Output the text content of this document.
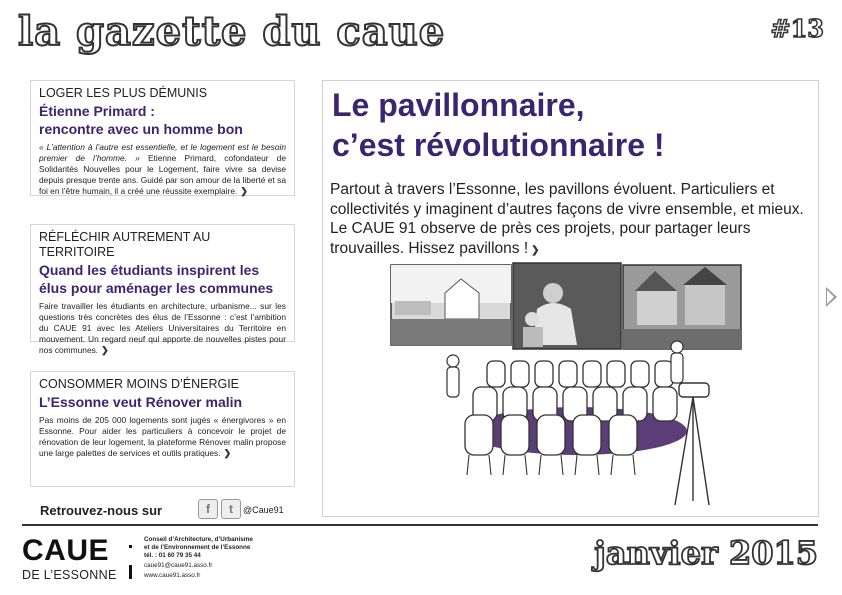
la gazette du caue	#13
LOGER LES PLUS DÉMUNIS
Étienne Primard :
rencontre avec un homme bon
« L’attention à l’autre est essentielle, et le logement est le besoin premier de l’homme. » Etienne Primard, cofondateur de Solidarités Nouvelles pour le Logement, faire vivre sa devise depuis presque trente ans. Guidé par son amour de la liberté et sa foi en l’être humain, il a créé une réussite exemplaire. ❯
RÉFLÉCHIR AUTREMENT AU TERRITOIRE
Quand les étudiants inspirent les
élus pour aménager les communes
Faire travailler les étudiants en architecture, urbanisme... sur les questions très concrètes des élus de l’Essonne : c’est l’ambition du CAUE 91 avec les Ateliers Universitaires du Territoire en mouvement. Un regard neuf qui apporte de nouvelles pistes pour nos communes. ❯
CONSOMMER MOINS D’ÉNERGIE
L’Essonne veut Rénover malin
Pas moins de 205 000 logements sont jugés « énergivores » en Essonne. Pour aider les particuliers à concevoir le projet de rénovation de leur logement, la plateforme Rénover malin propose une large palettes de services et outils pratiques. ❯
Retrouvez-nous sur	f	t	@Caue91
Le pavillonnaire,
c’est révolutionnaire !
Partout à travers l’Essonne, les pavillons évoluent. Particuliers et collectivités y imaginent d’autres façons de vivre ensemble, et mieux. Le CAUE 91 observe de près ces projets, pour partager leurs trouvailles. Hissez pavillons ! ❯
CAUE
DE L’ESSONNE
Conseil d’Architecture, d’Urbanisme
et de l’Environnement de l’Essonne
tél. : 01 60 79 35 44
caue91@caue91.asso.fr
www.caue91.asso.fr
janvier 2015
